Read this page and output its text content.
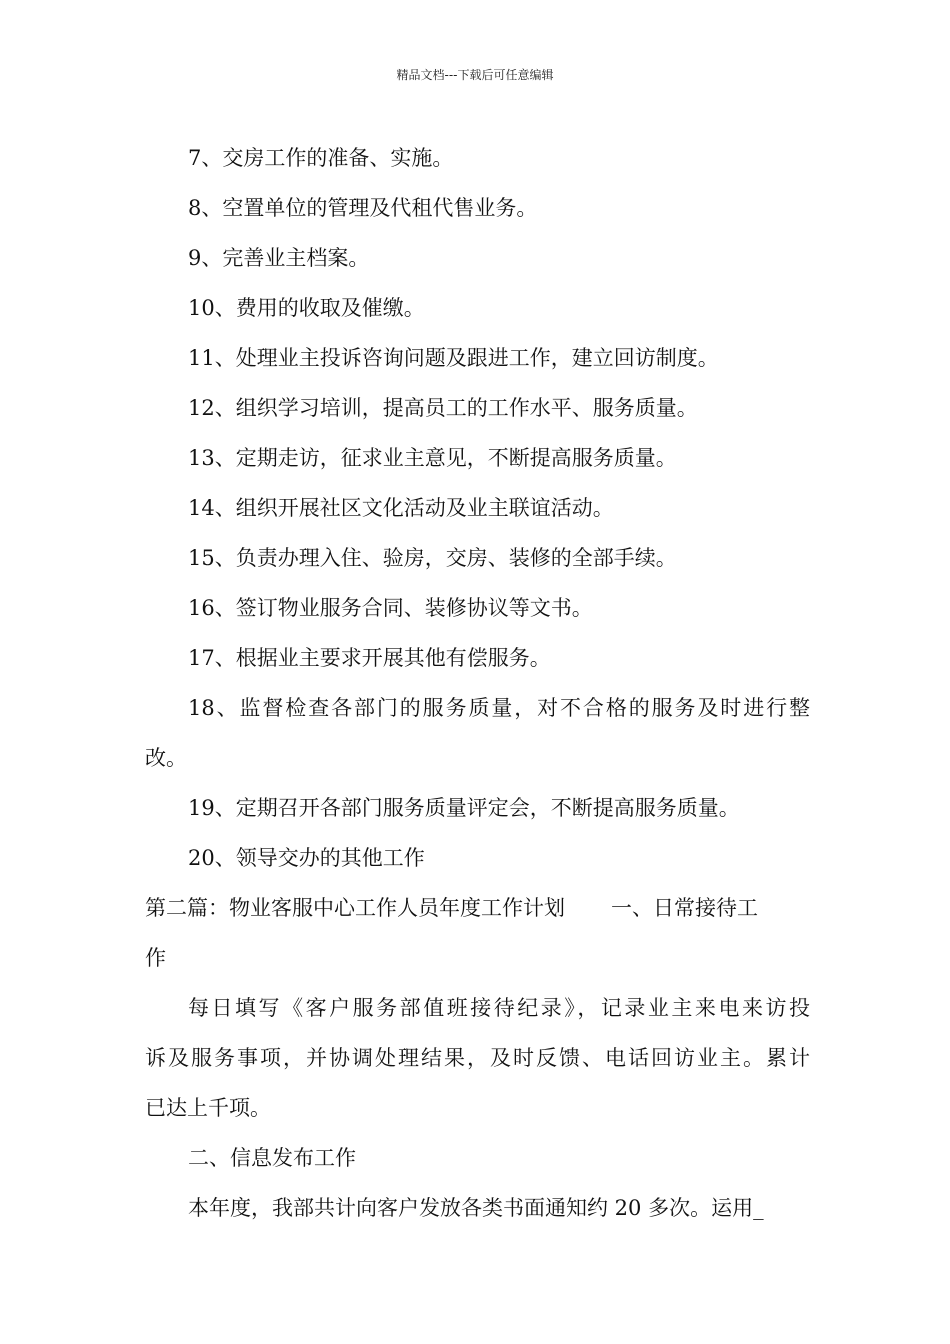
精品文档---下载后可任意编辑
7、交房工作的准备、实施。
8、空置单位的管理及代租代售业务。
9、完善业主档案。
10、费用的收取及催缴。
11、处理业主投诉咨询问题及跟进工作，建立回访制度。
12、组织学习培训，提高员工的工作水平、服务质量。
13、定期走访，征求业主意见，不断提高服务质量。
14、组织开展社区文化活动及业主联谊活动。
15、负责办理入住、验房，交房、装修的全部手续。
16、签订物业服务合同、装修协议等文书。
17、根据业主要求开展其他有偿服务。
18、监督检查各部门的服务质量，对不合格的服务及时进行整
改。
19、定期召开各部门服务质量评定会，不断提高服务质量。
20、领导交办的其他工作
第二篇：物业客服中心工作人员年度工作计划 一、日常接待工
作
每日填写《客户服务部值班接待纪录》，记录业主来电来访投
诉及服务事项，并协调处理结果，及时反馈、电话回访业主。累计
已达上千项。
二、信息发布工作
本年度，我部共计向客户发放各类书面通知约 20 多次。运用_
